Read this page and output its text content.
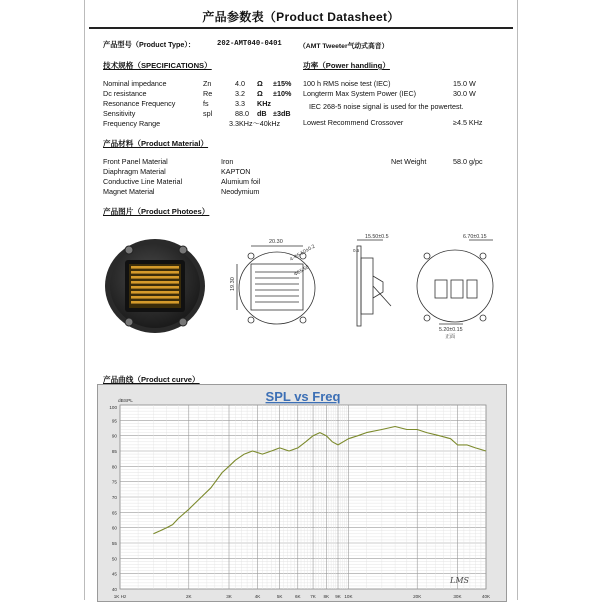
产品参数表（Product Datasheet）
产品型号（Product Type）：	202-AMT040-0401	（AMT Tweeter气动式高音）
技术规格（SPECIFICATIONS）
Nominal impedance	Zn	4.0 Ω ±15%
Dc resistance	Re	3.2 Ω ±10%
Resonance Frequency	fs	3.3 KHz
Sensitivity	spl	88.0 dB ±3dB
Frequency Range	3.3KHz～40kHz
功率（Power handling）
100 h RMS noise test (IEC)	15.0 W
Longterm Max System Power (IEC)	30.0 W
IEC 268-5 noise signal is used for the powertest.
Lowest Recommend Crossover	≥4.5 KHz
产品材料（Product Material）
Front Panel Material	Iron
Diaphragm Material	KAPTON
Conductive Line Material	Alumium foil
Magnet Material	Neodymium
Net Weight	58.0 g/pc
产品图片（Product Photoes）
20.30
19.30
4-Φ5.50±0.2
Φ55.50
15.50±0.5
0.5
6.70±0.15
5.20±0.15
正面
产品曲线（Product curve）
40
45
50
55
60
65
70
75
80
85
90
95
1K Hz	2K	3K	4K	5K	6K 7K 8K 9K 10K	20K	30K	40K
dBSPL
100
SPL vs Freq
LMS
